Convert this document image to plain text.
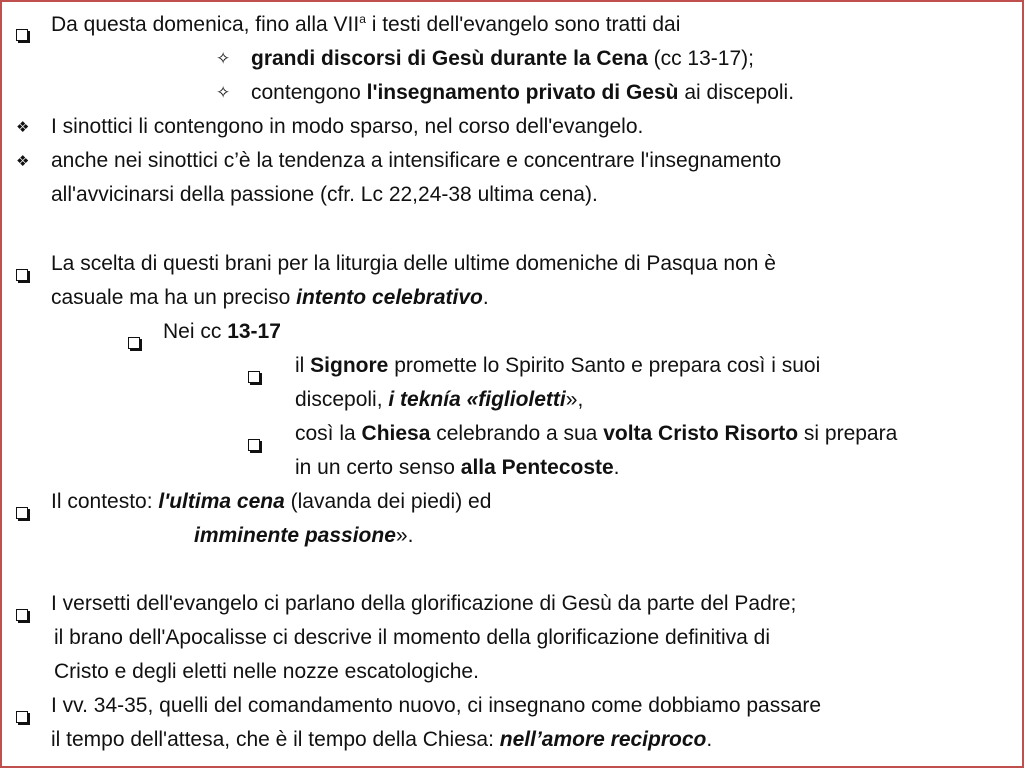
Da questa domenica, fino alla VII$^a$ i testi dell'evangelo sono tratti dai
✧ grandi discorsi di Gesù durante la Cena (cc 13-17);
✧ contengono l'insegnamento privato di Gesù ai discepoli.
❖ I sinottici li contengono in modo sparso, nel corso dell'evangelo.
❖ anche nei sinottici c’è la tendenza a intensificare e concentrare l'insegnamento
all'avvicinarsi della passione (cfr. Lc 22,24-38 ultima cena).
La scelta di questi brani per la liturgia delle ultime domeniche di Pasqua non è
casuale ma ha un preciso intento celebrativo.
Nei cc 13-17
il Signore promette lo Spirito Santo e prepara così i suoi
discepoli, i teknía «figlioletti»,
così la Chiesa celebrando a sua volta Cristo Risorto si prepara
in un certo senso alla Pentecoste.
Il contesto: l'ultima cena (lavanda dei piedi) ed
imminente passione».
I versetti dell'evangelo ci parlano della glorificazione di Gesù da parte del Padre;
il brano dell'Apocalisse ci descrive il momento della glorificazione definitiva di
Cristo e degli eletti nelle nozze escatologiche.
I vv. 34-35, quelli del comandamento nuovo, ci insegnano come dobbiamo passare
il tempo dell'attesa, che è il tempo della Chiesa: nell’amore reciproco.
